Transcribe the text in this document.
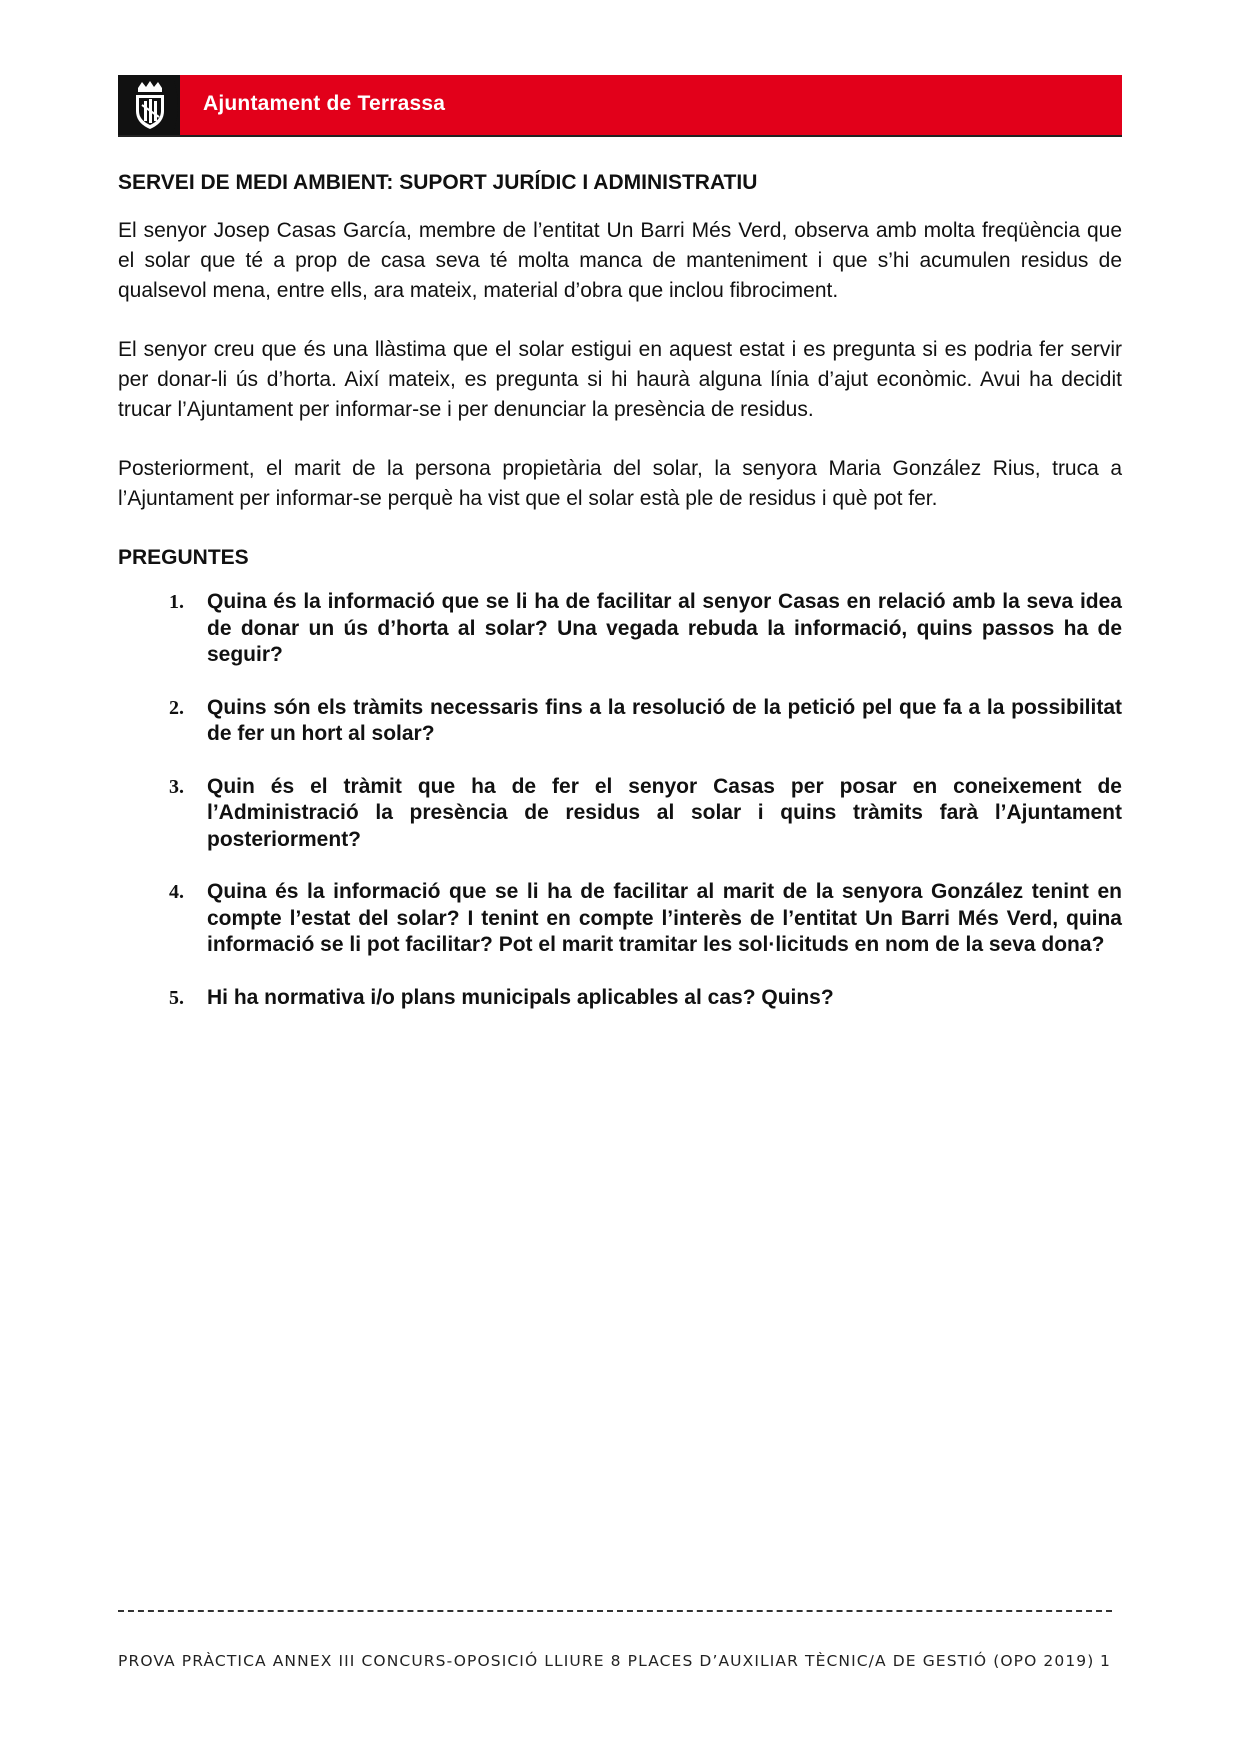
Ajuntament de Terrassa
SERVEI DE MEDI AMBIENT: SUPORT JURÍDIC I ADMINISTRATIU

El senyor Josep Casas García, membre de l’entitat Un Barri Més Verd, observa amb molta freqüència que el solar que té a prop de casa seva té molta manca de manteniment i que s’hi acumulen residus de qualsevol mena, entre ells, ara mateix, material d’obra que inclou fibrociment.

El senyor creu que és una llàstima que el solar estigui en aquest estat i es pregunta si es podria fer servir per donar-li ús d’horta. Així mateix, es pregunta si hi haurà alguna línia d’ajut econòmic. Avui ha decidit trucar l’Ajuntament per informar-se i per denunciar la presència de residus.

Posteriorment, el marit de la persona propietària del solar, la senyora Maria González Rius, truca a l’Ajuntament per informar-se perquè ha vist que el solar està ple de residus i què pot fer.

PREGUNTES
1. Quina és la informació que se li ha de facilitar al senyor Casas en relació amb la seva idea de donar un ús d’horta al solar? Una vegada rebuda la informació, quins passos ha de seguir?
2. Quins són els tràmits necessaris fins a la resolució de la petició pel que fa a la possibilitat de fer un hort al solar?
3. Quin és el tràmit que ha de fer el senyor Casas per posar en coneixement de l’Administració la presència de residus al solar i quins tràmits farà l’Ajuntament posteriorment?
4. Quina és la informació que se li ha de facilitar al marit de la senyora González tenint en compte l’estat del solar? I tenint en compte l’interès de l’entitat Un Barri Més Verd, quina informació se li pot facilitar? Pot el marit tramitar les sol·licituds en nom de la seva dona?
5. Hi ha normativa i/o plans municipals aplicables al cas? Quins?
PROVA PRÀCTICA ANNEX III CONCURS-OPOSICIÓ LLIURE 8 PLACES D’AUXILIAR TÈCNIC/A DE GESTIÓ (OPO 2019) 1
